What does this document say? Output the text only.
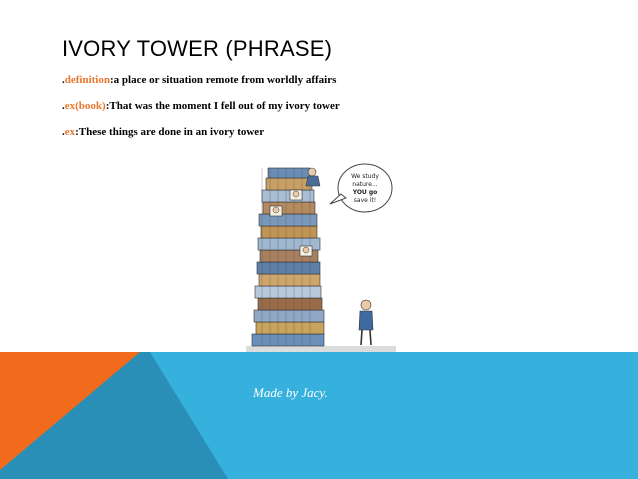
IVORY TOWER (PHRASE)
.definition:a place or situation remote from worldly affairs
.ex(book):That was the moment I fell out of my ivory tower
.ex:These things are done in an ivory tower
We study
nature...
YOU go
save it!

Made by Jacy.
